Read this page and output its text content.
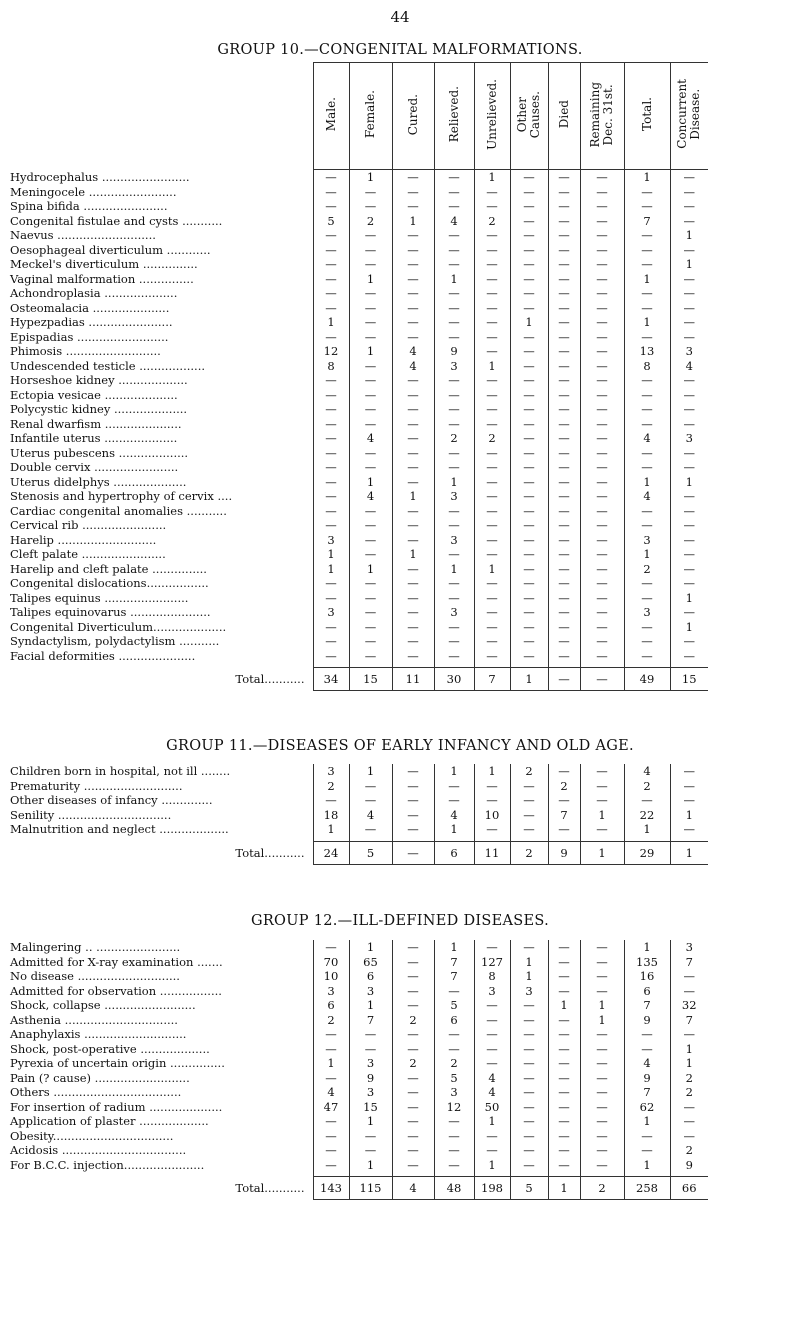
44
GROUP 10.—CONGENITAL MALFORMATIONS.
	Male.	Female.	Cured.	Relieved.	Unrelieved.	Other
Causes.	Died	Remaining
Dec. 31st.	Total.	Concurrent
Disease.
Hydrocephalus ........................	—	1	—	—	1	—	—	—	1	—
Meningocele ........................	—	—	—	—	—	—	—	—	—	—
Spina bifida .......................	—	—	—	—	—	—	—	—	—	—
Congenital fistulae and cysts ...........	5	2	1	4	2	—	—	—	7	—
Naevus ...........................	—	—	—	—	—	—	—	—	—	1
Oesophageal diverticulum ............	—	—	—	—	—	—	—	—	—	—
Meckel's diverticulum ...............	—	—	—	—	—	—	—	—	—	1
Vaginal malformation ...............	—	1	—	1	—	—	—	—	1	—
Achondroplasia ....................	—	—	—	—	—	—	—	—	—	—
Osteomalacia .....................	—	—	—	—	—	—	—	—	—	—
Hypezpadias .......................	1	—	—	—	—	1	—	—	1	—
Epispadias .........................	—	—	—	—	—	—	—	—	—	—
Phimosis ..........................	12	1	4	9	—	—	—	—	13	3
Undescended testicle ..................	8	—	4	3	1	—	—	—	8	4
Horseshoe kidney ...................	—	—	—	—	—	—	—	—	—	—
Ectopia vesicae ....................	—	—	—	—	—	—	—	—	—	—
Polycystic kidney ....................	—	—	—	—	—	—	—	—	—	—
Renal dwarfism .....................	—	—	—	—	—	—	—	—	—	—
Infantile uterus ....................	—	4	—	2	2	—	—	—	4	3
Uterus pubescens ...................	—	—	—	—	—	—	—	—	—	—
Double cervix .......................	—	—	—	—	—	—	—	—	—	—
Uterus didelphys ....................	—	1	—	1	—	—	—	—	1	1
Stenosis and hypertrophy of cervix ....	—	4	1	3	—	—	—	—	4	—
Cardiac congenital anomalies ...........	—	—	—	—	—	—	—	—	—	—
Cervical rib .......................	—	—	—	—	—	—	—	—	—	—
Harelip ...........................	3	—	—	3	—	—	—	—	3	—
Cleft palate .......................	1	—	1	—	—	—	—	—	1	—
Harelip and cleft palate ...............	1	1	—	1	1	—	—	—	2	—
Congenital dislocations.................	—	—	—	—	—	—	—	—	—	—
Talipes equinus .......................	—	—	—	—	—	—	—	—	—	1
Talipes equinovarus ......................	3	—	—	3	—	—	—	—	3	—
Congenital Diverticulum....................	—	—	—	—	—	—	—	—	—	1
Syndactylism, polydactylism ...........	—	—	—	—	—	—	—	—	—	—
Facial deformities .....................	—	—	—	—	—	—	—	—	—	—

Total...........	34	15	11	30	7	1	—	—	49	15
GROUP 11.—DISEASES OF EARLY INFANCY AND OLD AGE.
Children born in hospital, not ill ........	3	1	—	1	1	2	—	—	4	—
Prematurity ...........................	2	—	—	—	—	—	2	—	2	—
Other diseases of infancy ..............	—	—	—	—	—	—	—	—	—	—
Senility ...............................	18	4	—	4	10	—	7	1	22	1
Malnutrition and neglect ...................	1	—	—	1	—	—	—	—	1	—

Total...........	24	5	—	6	11	2	9	1	29	1
GROUP 12.—ILL-DEFINED DISEASES.
Malingering .. .......................	—	1	—	1	—	—	—	—	1	3
Admitted for X-ray examination .......	70	65	—	7	127	1	—	—	135	7
No disease ............................	10	6	—	7	8	1	—	—	16	—
Admitted for observation .................	3	3	—	—	3	3	—	—	6	—
Shock, collapse .........................	6	1	—	5	—	—	1	1	7	32
Asthenia ...............................	2	7	2	6	—	—	—	1	9	7
Anaphylaxis ............................	—	—	—	—	—	—	—	—	—	—
Shock, post-operative ...................	—	—	—	—	—	—	—	—	—	1
Pyrexia of uncertain origin ...............	1	3	2	2	—	—	—	—	4	1
Pain (? cause) ..........................	—	9	—	5	4	—	—	—	9	2
Others ...................................	4	3	—	3	4	—	—	—	7	2
For insertion of radium ....................	47	15	—	12	50	—	—	—	62	—
Application of plaster ...................	—	1	—	—	1	—	—	—	1	—
Obesity.................................	—	—	—	—	—	—	—	—	—	—
Acidosis ..................................	—	—	—	—	—	—	—	—	—	2
For B.C.C. injection......................	—	1	—	—	1	—	—	—	1	9

Total...........	143	115	4	48	198	5	1	2	258	66
